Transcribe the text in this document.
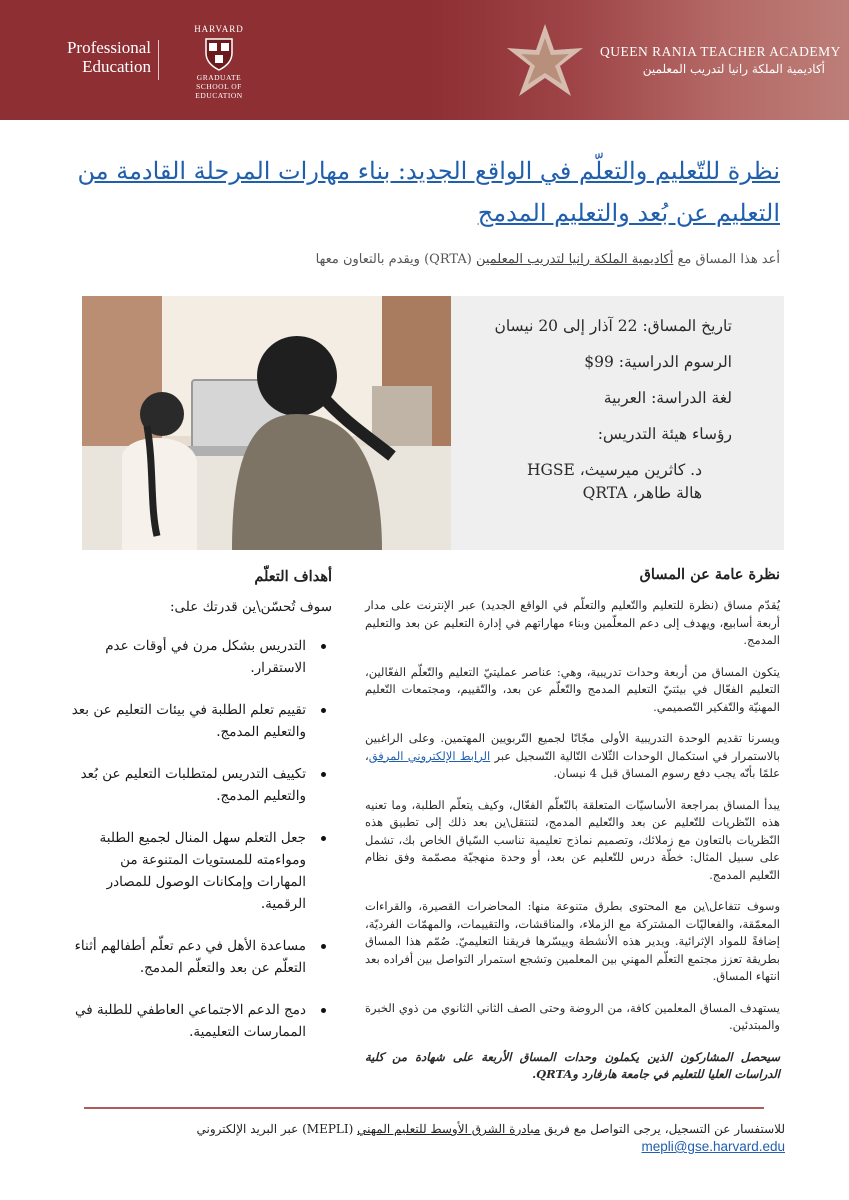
Professional Education
HARVARD
GRADUATE SCHOOL OF EDUCATION
QUEEN RANIA TEACHER ACADEMY
أكاديمية الملكة رانيا لتدريب المعلمين
نظرة للتّعليم والتعلّم في الواقع الجديد: بناء مهارات المرحلة القادمة من التعليم عن بُعد والتعليم المدمج
أعد هذا المساق مع أكاديمية الملكة رانيا لتدريب المعلمين (QRTA) ويقدم بالتعاون معها
تاريخ المساق: 22 آذار إلى 20 نيسان
الرسوم الدراسية: 99$
لغة الدراسة: العربية
رؤساء هيئة التدريس:
د. كاثرين ميرسيث، HGSE
هالة طاهر، QRTA
نظرة عامة عن المساق

يُقدّم مساق (نظرة للتعليم والتّعليم والتعلّم في الواقع الجديد) عبر الإنترنت على مدار أربعة أسابيع، ويهدف إلى دعم المعلّمين وبناء مهاراتهم في إدارة التعليم عن بعد والتعليم المدمج.

يتكون المساق من أربعة وحدات تدريبية، وهي: عناصر عمليتيّ التعليم والتّعلّم الفعّالين، التعليم الفعّال في بيئتيّ التعليم المدمج والتّعلّم عن بعد، والتّقييم، ومجتمعات التّعليم المهنيّة والتّفكير التّصميمي.

ويسرنا تقديم الوحدة التدريبية الأولى مجّانًا لجميع التّربويين المهتمين. وعلى الراغبين بالاستمرار في استكمال الوحدات الثّلاث التّالية التّسجيل عبر الرابط الإلكتروني المرفق، علمًا بأنّه يجب دفع رسوم المساق قبل 4 نيسان.

يبدأ المساق بمراجعة الأساسيّات المتعلقة بالتّعلّم الفعّال، وكيف يتعلّم الطلبة، وما تعنيه هذه النّظريات للتّعليم عن بعد والتّعليم المدمج، لتنتقل\ين بعد ذلك إلى تطبيق هذه النّظريات بالتعاون مع زملائك، وتصميم نماذج تعليمية تناسب السّياق الخاص بك، تشمل على سبيل المثال: خطّة درس للتّعليم عن بعد، أو وحدة منهجيّة مصمّمة وفق نظام التّعليم المدمج.

وسوف تتفاعل\ين مع المحتوى بطرق متنوعة منها: المحاضرات القصيرة، والقراءات المعمّقة، والفعاليّات المشتركة مع الزملاء، والمناقشات، والتقييمات، والمهمّات الفرديّة، إضافةً للمواد الإثرائية. ويدير هذه الأنشطة وييسّرها فريقنا التعليميّ. صُمّم هذا المساق بطريقة تعزز مجتمع التعلّم المهني بين المعلمين وتشجع استمرار التواصل بين أفراده بعد انتهاء المساق.

يستهدف المساق المعلمين كافة، من الروضة وحتى الصف الثاني الثانوي من ذوي الخبرة والمبتدئين.

سيحصل المشاركون الذين يكملون وحدات المساق الأربعة على شهادة من كلية الدراسات العليا للتعليم في جامعة هارفارد وQRTA.

أهداف التعلّم
سوف تُحسّن\ين قدرتك على:
التدريس بشكل مرن في أوقات عدم الاستقرار.
تقييم تعلم الطلبة في بيئات التعليم عن بعد والتعليم المدمج.
تكييف التدريس لمتطلبات التعليم عن بُعد والتعليم المدمج.
جعل التعلم سهل المنال لجميع الطلبة ومواءمته للمستويات المتنوعة من المهارات وإمكانات الوصول للمصادر الرقمية.
مساعدة الأهل في دعم تعلّم أطفالهم أثناء التعلّم عن بعد والتعلّم المدمج.
دمج الدعم الاجتماعي العاطفي للطلبة في الممارسات التعليمية.
للاستفسار عن التسجيل، يرجى التواصل مع فريق مبادرة الشرق الأوسط للتعليم المهني (MEPLI) عبر البريد الإلكتروني mepli@gse.harvard.edu
